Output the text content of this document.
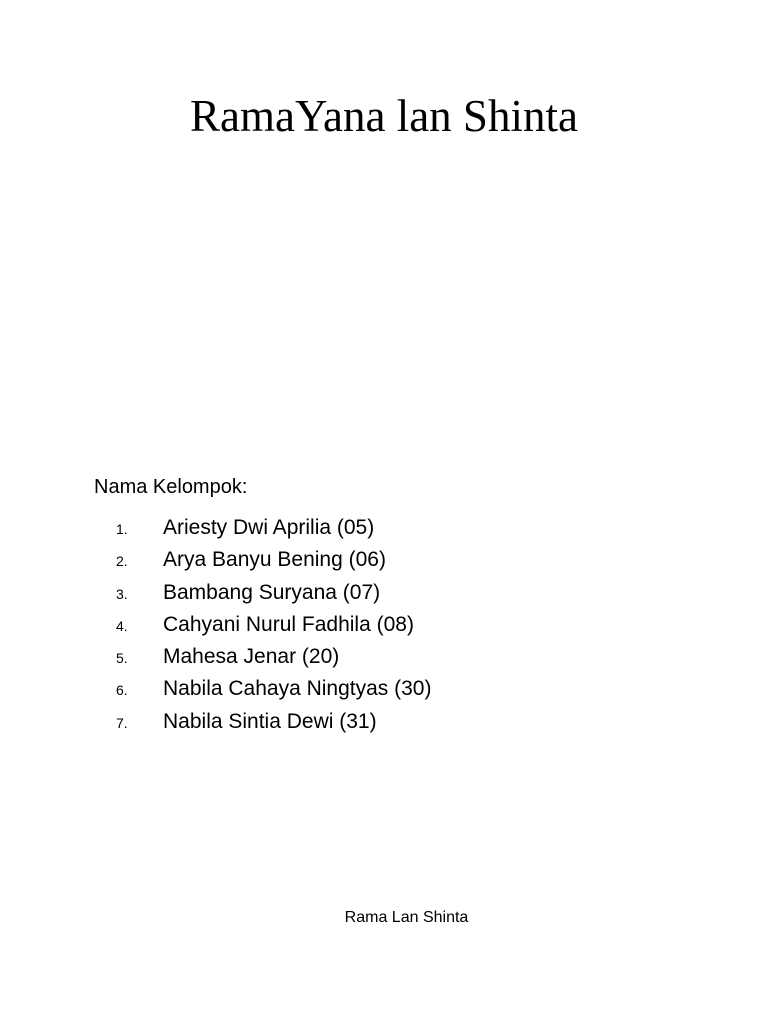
RamaYana lan Shinta

Nama Kelompok:

1. Ariesty Dwi Aprilia (05)
2. Arya Banyu Bening (06)
3. Bambang Suryana (07)
4. Cahyani Nurul Fadhila (08)
5. Mahesa Jenar (20)
6. Nabila Cahaya Ningtyas (30)
7. Nabila Sintia Dewi (31)

Rama Lan Shinta
